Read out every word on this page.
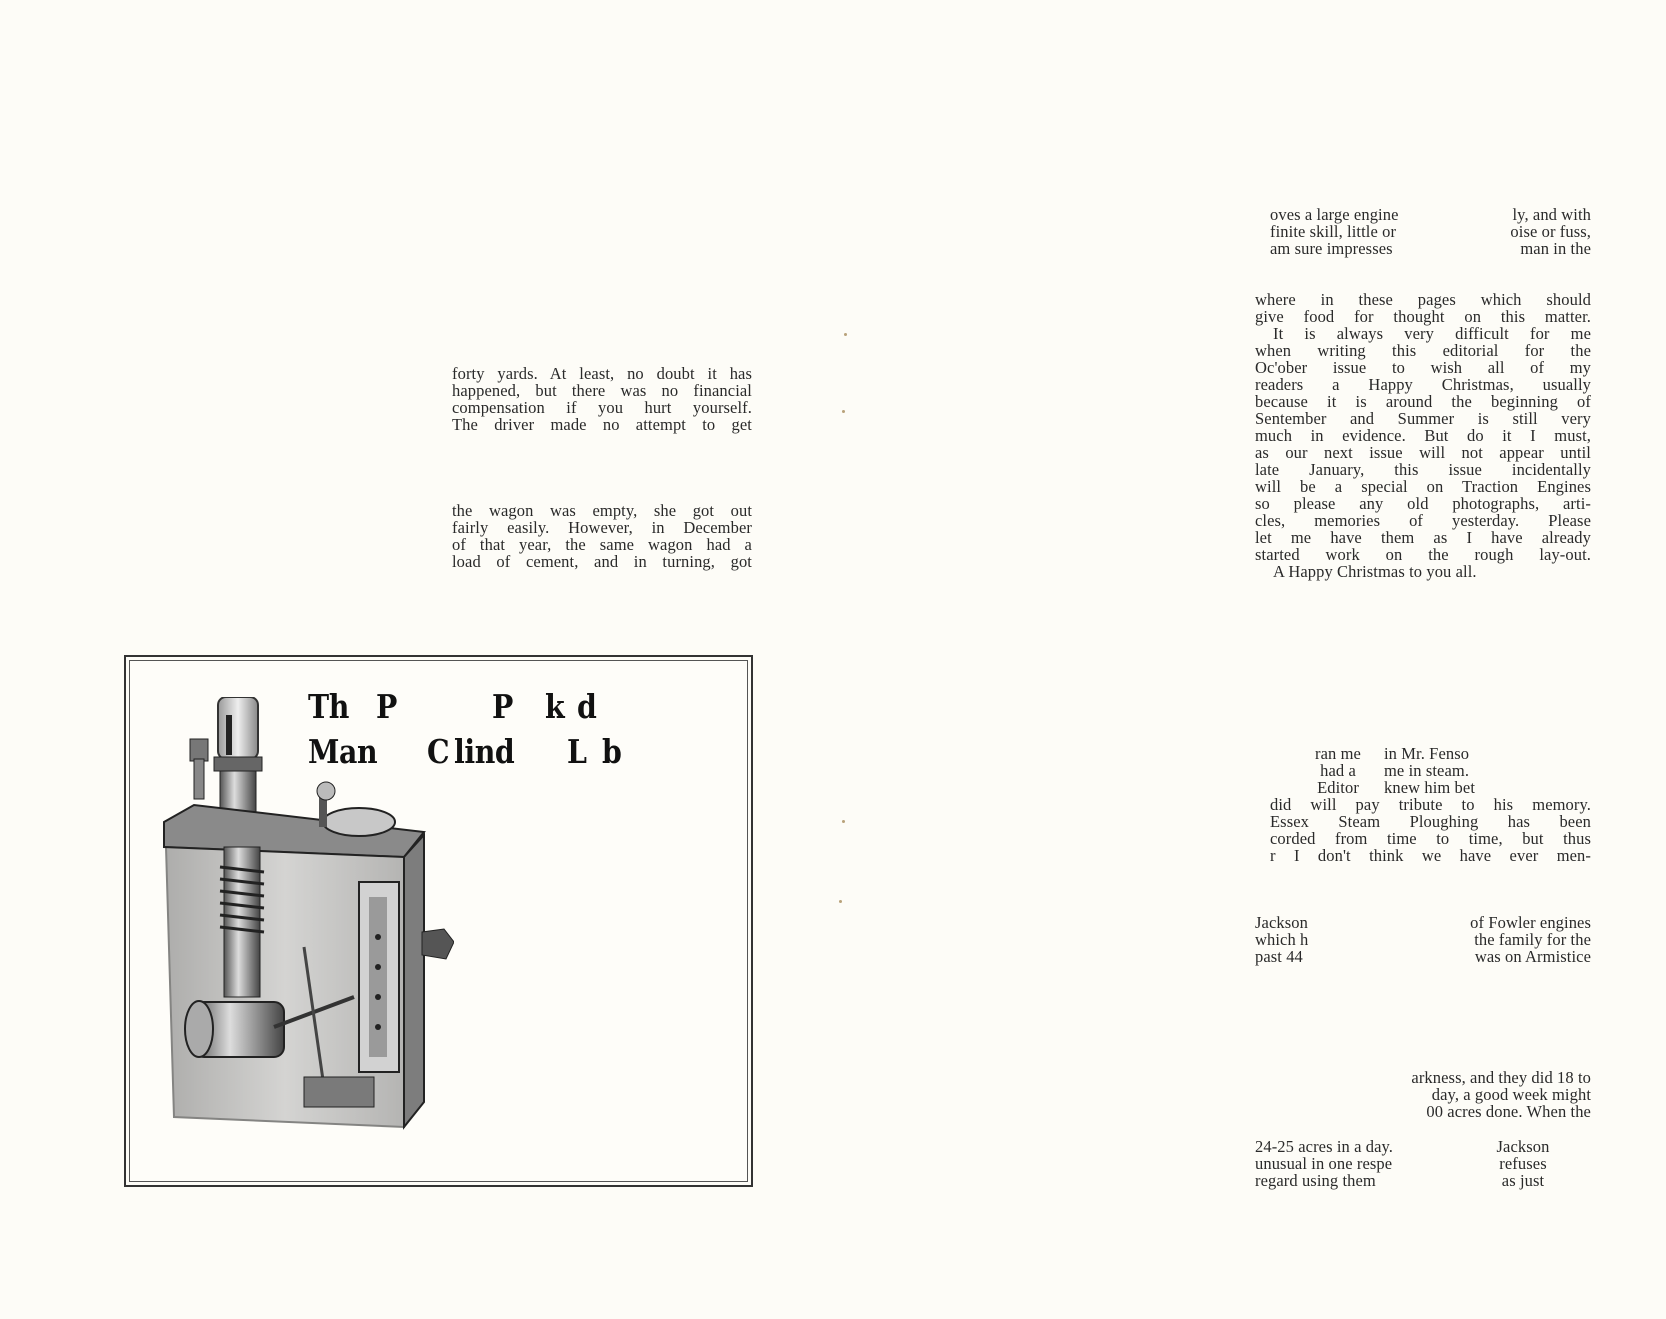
forty yards. At least, no doubt it has
happened, but there was no financial
compensation if you hurt yourself.
The driver made no attempt to get
the wagon was empty, she got out
fairly easily. However, in December
of that year, the same wagon had a
load of cement, and in turning, got
Th P	P k d
Man C lind L b
oves a large engine
finite skill, little or
am sure impresses
ly, and with
oise or fuss,
man in the
where in these pages which should
give food for thought on this matter.
It is always very difficult for me
when writing this editorial for the
Oc'ober issue to wish all of my
readers a Happy Christmas, usually
because it is around the beginning of
Sentember and Summer is still very
much in evidence. But do it I must,
as our next issue will not appear until
late January, this issue incidentally
will be a special on Traction Engines
so please any old photographs, arti-
cles, memories of yesterday. Please
let me have them as I have already
started work on the rough lay-out.
A Happy Christmas to you all.
ran me
had a
Editor
in Mr. Fenso
me in steam.
knew him bet
did will pay tribute to his memory.
Essex Steam Ploughing has been
corded from time to time, but thus
r I don't think we have ever men-
Jackson
which h
past 44
of Fowler engines
the family for the
was on Armistice
arkness, and they did 18 to
day, a good week might
00 acres done. When the
24-25 acres in a day.
unusual in one respe
regard using them
Jackson
refuses
as just
